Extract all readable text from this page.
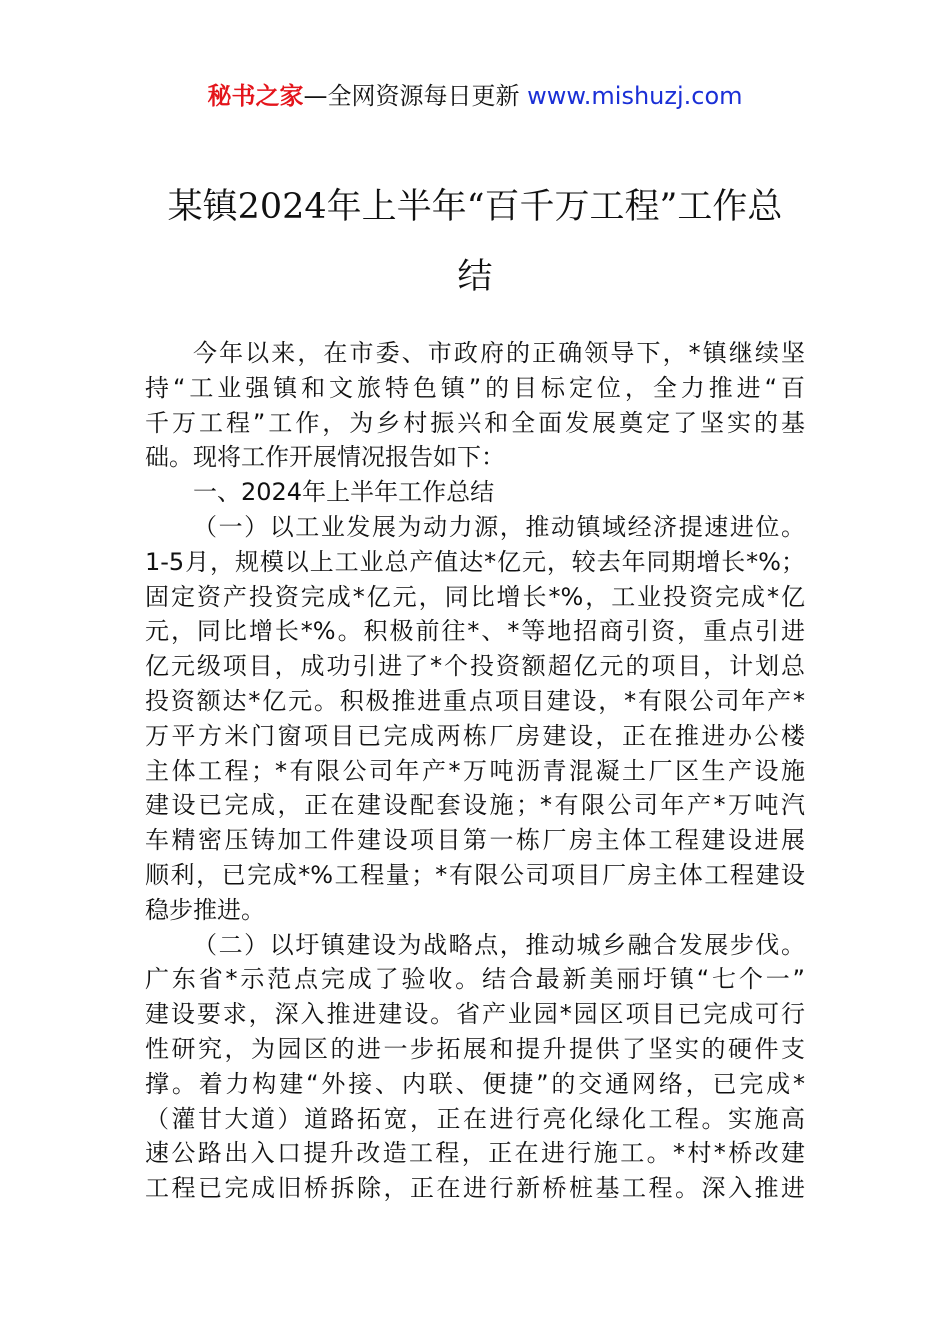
秘书之家—全网资源每日更新 www.mishuzj.com
某镇2024年上半年“百千万工程”工作总
结

今年以来，在市委、市政府的正确领导下，*镇继续坚
持“工业强镇和文旅特色镇”的目标定位，全力推进“百
千万工程”工作，为乡村振兴和全面发展奠定了坚实的基
础。现将工作开展情况报告如下：

一、2024年上半年工作总结

（一）以工业发展为动力源，推动镇域经济提速进位。
1-5月，规模以上工业总产值达*亿元，较去年同期增长*%；
固定资产投资完成*亿元，同比增长*%，工业投资完成*亿
元，同比增长*%。积极前往*、*等地招商引资，重点引进
亿元级项目，成功引进了*个投资额超亿元的项目，计划总
投资额达*亿元。积极推进重点项目建设，*有限公司年产*
万平方米门窗项目已完成两栋厂房建设，正在推进办公楼
主体工程；*有限公司年产*万吨沥青混凝土厂区生产设施
建设已完成，正在建设配套设施；*有限公司年产*万吨汽
车精密压铸加工件建设项目第一栋厂房主体工程建设进展
顺利，已完成*%工程量；*有限公司项目厂房主体工程建设
稳步推进。

（二）以圩镇建设为战略点，推动城乡融合发展步伐。
广东省*示范点完成了验收。结合最新美丽圩镇“七个一”
建设要求，深入推进建设。省产业园*园区项目已完成可行
性研究，为园区的进一步拓展和提升提供了坚实的硬件支
撑。着力构建“外接、内联、便捷”的交通网络，已完成*
（灌甘大道）道路拓宽，正在进行亮化绿化工程。实施高
速公路出入口提升改造工程，正在进行施工。*村*桥改建
工程已完成旧桥拆除，正在进行新桥桩基工程。深入推进
